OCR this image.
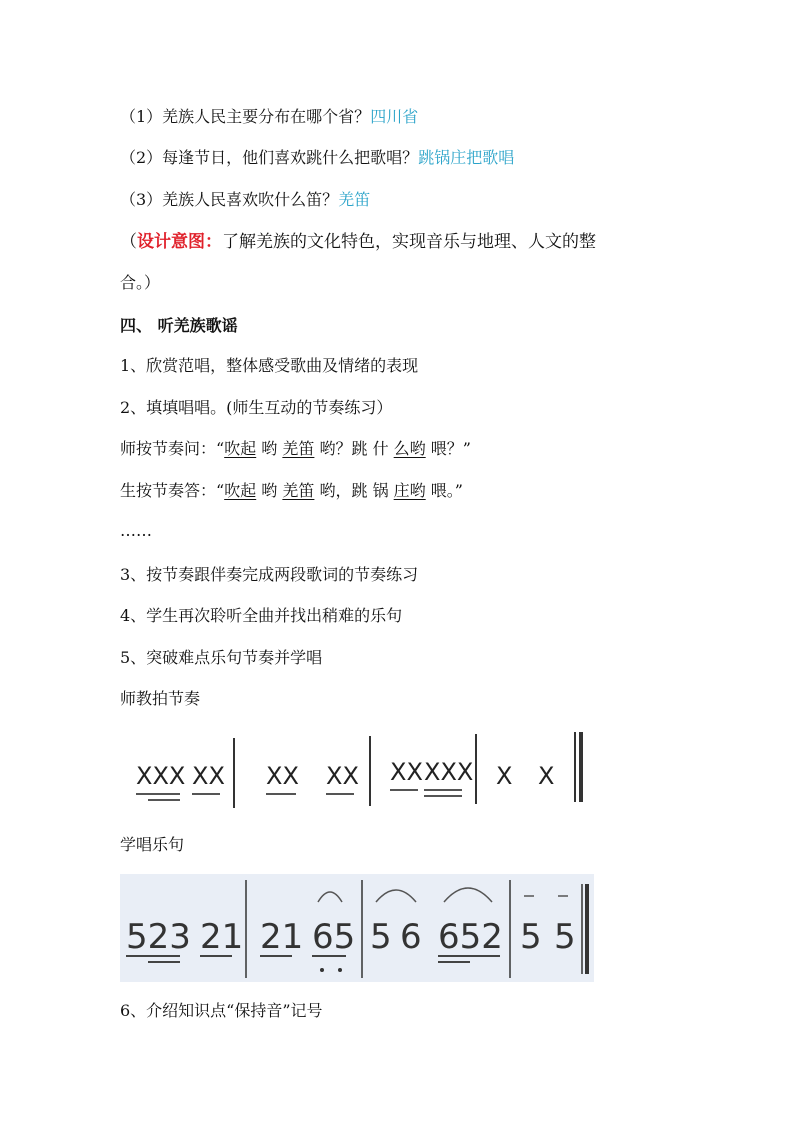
（1）羌族人民主要分布在哪个省？四川省
（2）每逢节日，他们喜欢跳什么把歌唱？跳锅庄把歌唱
（3）羌族人民喜欢吹什么笛？羌笛
（设计意图：了解羌族的文化特色，实现音乐与地理、人文的整
合。）
四、 听羌族歌谣
1、欣赏范唱，整体感受歌曲及情绪的表现
2、填填唱唱。(师生互动的节奏练习）
师按节奏问：“吹起 哟 羌笛 哟？跳 什 么哟 喂？”
生按节奏答：“吹起 哟 羌笛 哟，跳 锅 庄哟 喂。”
……
3、按节奏跟伴奏完成两段歌词的节奏练习
4、学生再次聆听全曲并找出稍难的乐句
5、突破难点乐句节奏并学唱
师教拍节奏
XXX XX XX XX XX XXX X X
学唱乐句
523 21 21 65 5 6 652 5 5
6、介绍知识点“保持音”记号
